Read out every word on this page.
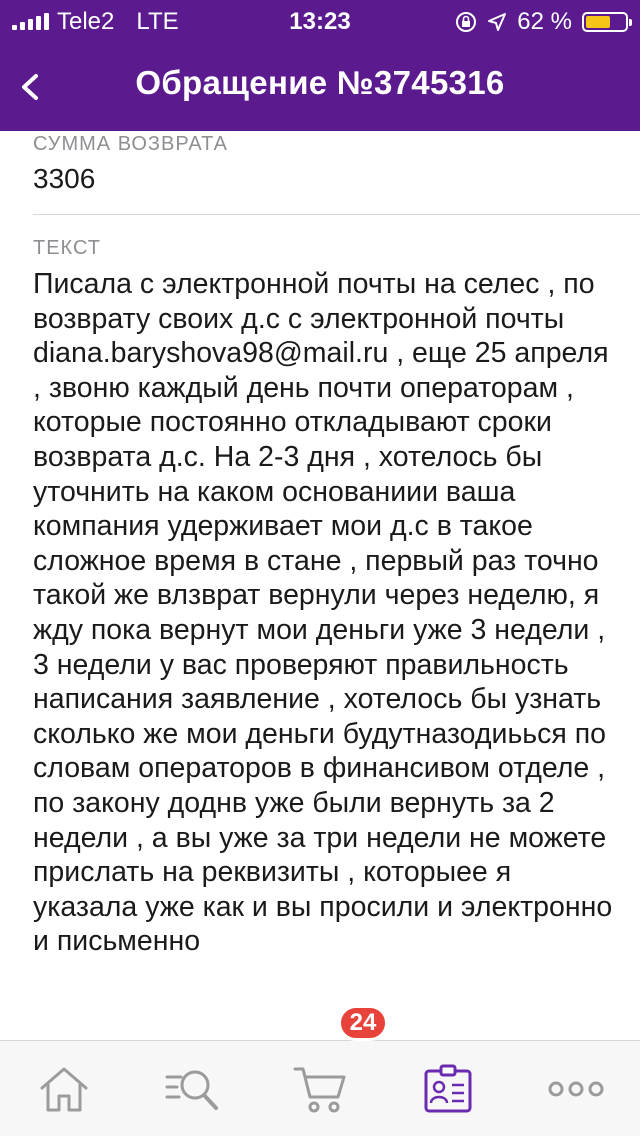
Tele2 LTE	13:23	62 %
Обращение №3745316
СУММА ВОЗВРАТА
3306
ТЕКСТ
Писала с электронной почты на селес , по возврату своих д.с с электронной почты diana.baryshova98@mail.ru , еще 25 апреля , звоню каждый день почти операторам , которые постоянно откладывают сроки возврата д.с. На 2-3 дня , хотелось бы уточнить на каком основаниии ваша компания удерживает мои д.с в такое сложное время в стане , первый раз точно такой же влзврат вернули через неделю, я жду пока вернут мои деньги уже 3 недели , 3 недели у вас проверяют правильность написания заявление , хотелось бы узнать сколько же мои деньги будутназодиьься по словам операторов в финансивом отделе , по закону доднв уже были вернуть за 2 недели , а вы уже за три недели не можете прислать на реквизиты , которыее я указала уже как и вы просили и электронно и письменно
24
